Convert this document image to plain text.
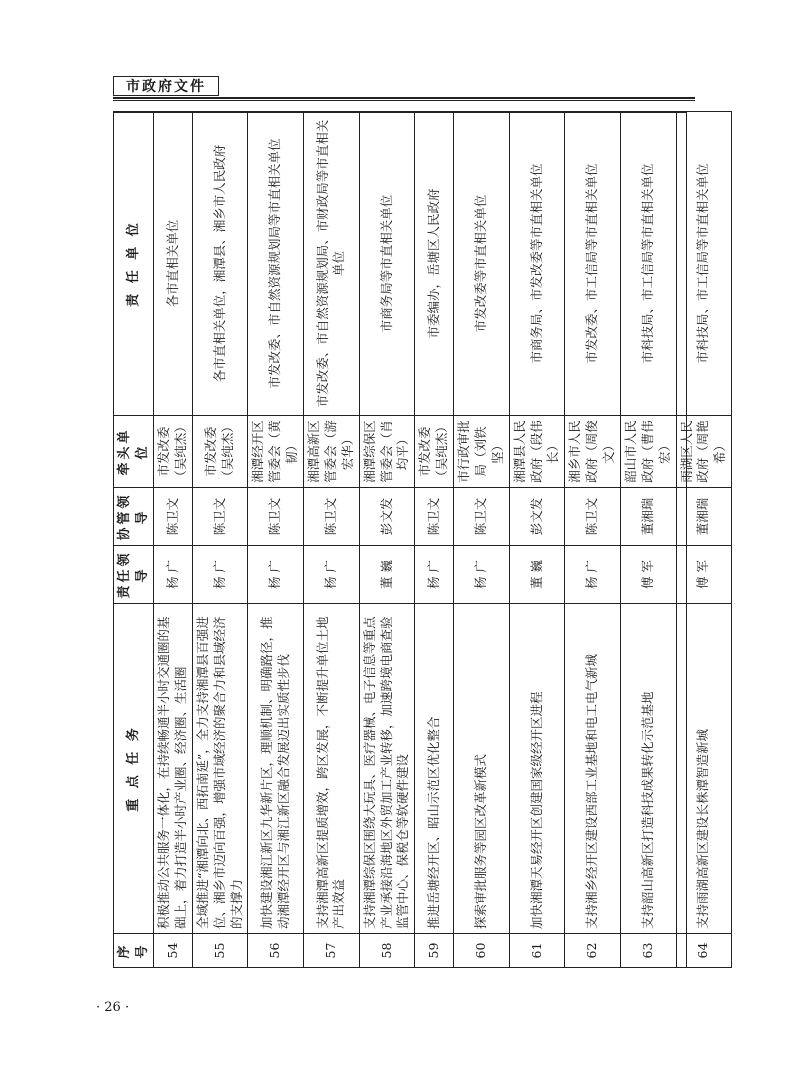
市政府文件
序号	重 点 任 务	责任领导	协管领导	牵头单位	责 任 单 位
54	积极推动公共服务一体化，在持续畅通半小时交通圈的基础上，着力打造半小时产业圈、经济圈、生活圈	杨 广	陈卫文	市发改委（吴纯杰）	各市直相关单位
55	全域推进“湘潭向北、西拓南延”，全力支持湘潭县百强进位、湘乡市迈向百强，增强市域经济的聚合力和县域经济的支撑力	杨 广	陈卫文	市发改委（吴纯杰）	各市直相关单位，湘潭县、湘乡市人民政府
56	加快建设湘江新区九华新片区，理顺机制、明确路径，推动湘潭经开区与湘江新区融合发展迈出实质性步伐	杨 广	陈卫文	湘潭经开区管委会（黄 韧）	市发改委、市自然资源规划局等市直相关单位
57	支持湘潭高新区提质增效，跨区发展，不断提升单位土地产出效益	杨 广	陈卫文	湘潭高新区管委会（游宏华）	市发改委、市自然资源规划局、市财政局等市直相关单位
58	支持湘潭综保区围绕大玩具、医疗器械、电子信息等重点产业承接沿海地区外贸加工产业转移，加速跨境电商查验监管中心、保税仓等软硬件建设	董 巍	彭文发	湘潭综保区管委会（肖均平）	市商务局等市直相关单位
59	推进岳塘经开区、昭山示范区优化整合	杨 广	陈卫文	市发改委（吴纯杰）	市委编办，岳塘区人民政府
60	探索审批服务等园区改革新模式	杨 广	陈卫文	市行政审批局（刘铁坚）	市发改委等市直相关单位
61	加快湘潭天易经开区创建国家级经开区进程	董 巍	彭文发	湘潭县人民政府（段伟长）	市商务局、市发改委等市直相关单位
62	支持湘乡经开区建设西部工业基地和电工电气新城	杨 广	陈卫文	湘乡市人民政府（周俊文）	市发改委、市工信局等市直相关单位
63	支持韶山高新区打造科技成果转化示范基地	傅 军	董湘瑞	韶山市人民政府（曹伟宏）	市科技局、市工信局等市直相关单位
64	支持雨湖高新区建设长株潭智造新城	傅 军	董湘瑞	雨湖区人民政府（周艳希）	市科技局、市工信局等市直相关单位
· 26 ·
